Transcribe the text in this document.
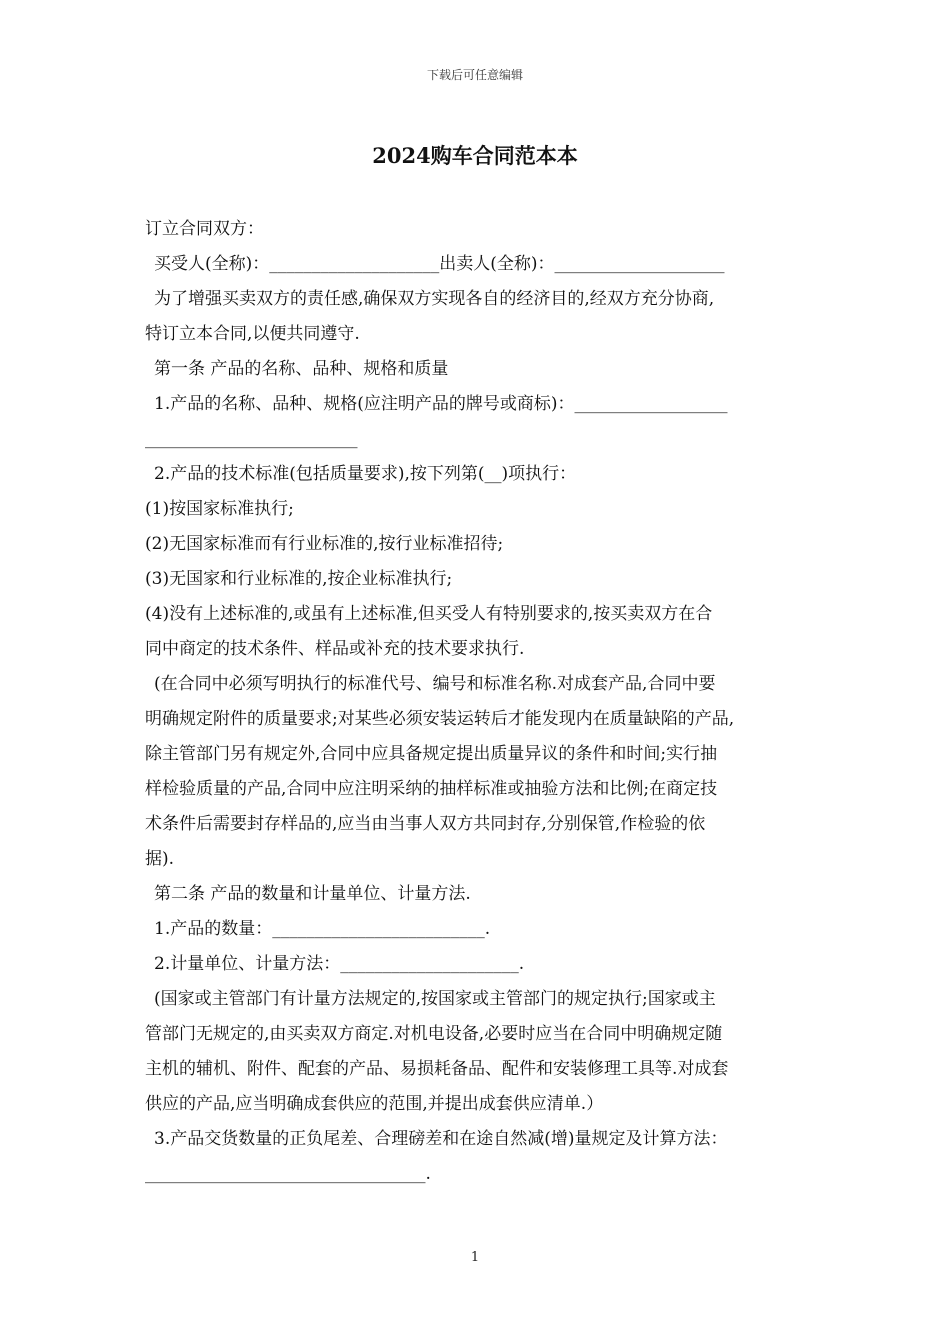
下载后可任意编辑
2024购车合同范本本
订立合同双方：
买受人(全称)：____________________出卖人(全称)：____________________
为了增强买卖双方的责任感,确保双方实现各自的经济目的,经双方充分协商,
特订立本合同,以便共同遵守.
第一条 产品的名称、品种、规格和质量
1.产品的名称、品种、规格(应注明产品的牌号或商标)：__________________
_________________________
2.产品的技术标准(包括质量要求),按下列第(__)项执行：
(1)按国家标准执行;
(2)无国家标准而有行业标准的,按行业标准招待;
(3)无国家和行业标准的,按企业标准执行;
(4)没有上述标准的,或虽有上述标准,但买受人有特别要求的,按买卖双方在合
同中商定的技术条件、样品或补充的技术要求执行.
(在合同中必须写明执行的标准代号、编号和标准名称.对成套产品,合同中要
明确规定附件的质量要求;对某些必须安装运转后才能发现内在质量缺陷的产品,
除主管部门另有规定外,合同中应具备规定提出质量异议的条件和时间;实行抽
样检验质量的产品,合同中应注明采纳的抽样标准或抽验方法和比例;在商定技
术条件后需要封存样品的,应当由当事人双方共同封存,分别保管,作检验的依
据).
第二条 产品的数量和计量单位、计量方法.
1.产品的数量：_________________________.
2.计量单位、计量方法：_____________________.
(国家或主管部门有计量方法规定的,按国家或主管部门的规定执行;国家或主
管部门无规定的,由买卖双方商定.对机电设备,必要时应当在合同中明确规定随
主机的辅机、附件、配套的产品、易损耗备品、配件和安装修理工具等.对成套
供应的产品,应当明确成套供应的范围,并提出成套供应清单.）
3.产品交货数量的正负尾差、合理磅差和在途自然减(增)量规定及计算方法：
_________________________________.
1
